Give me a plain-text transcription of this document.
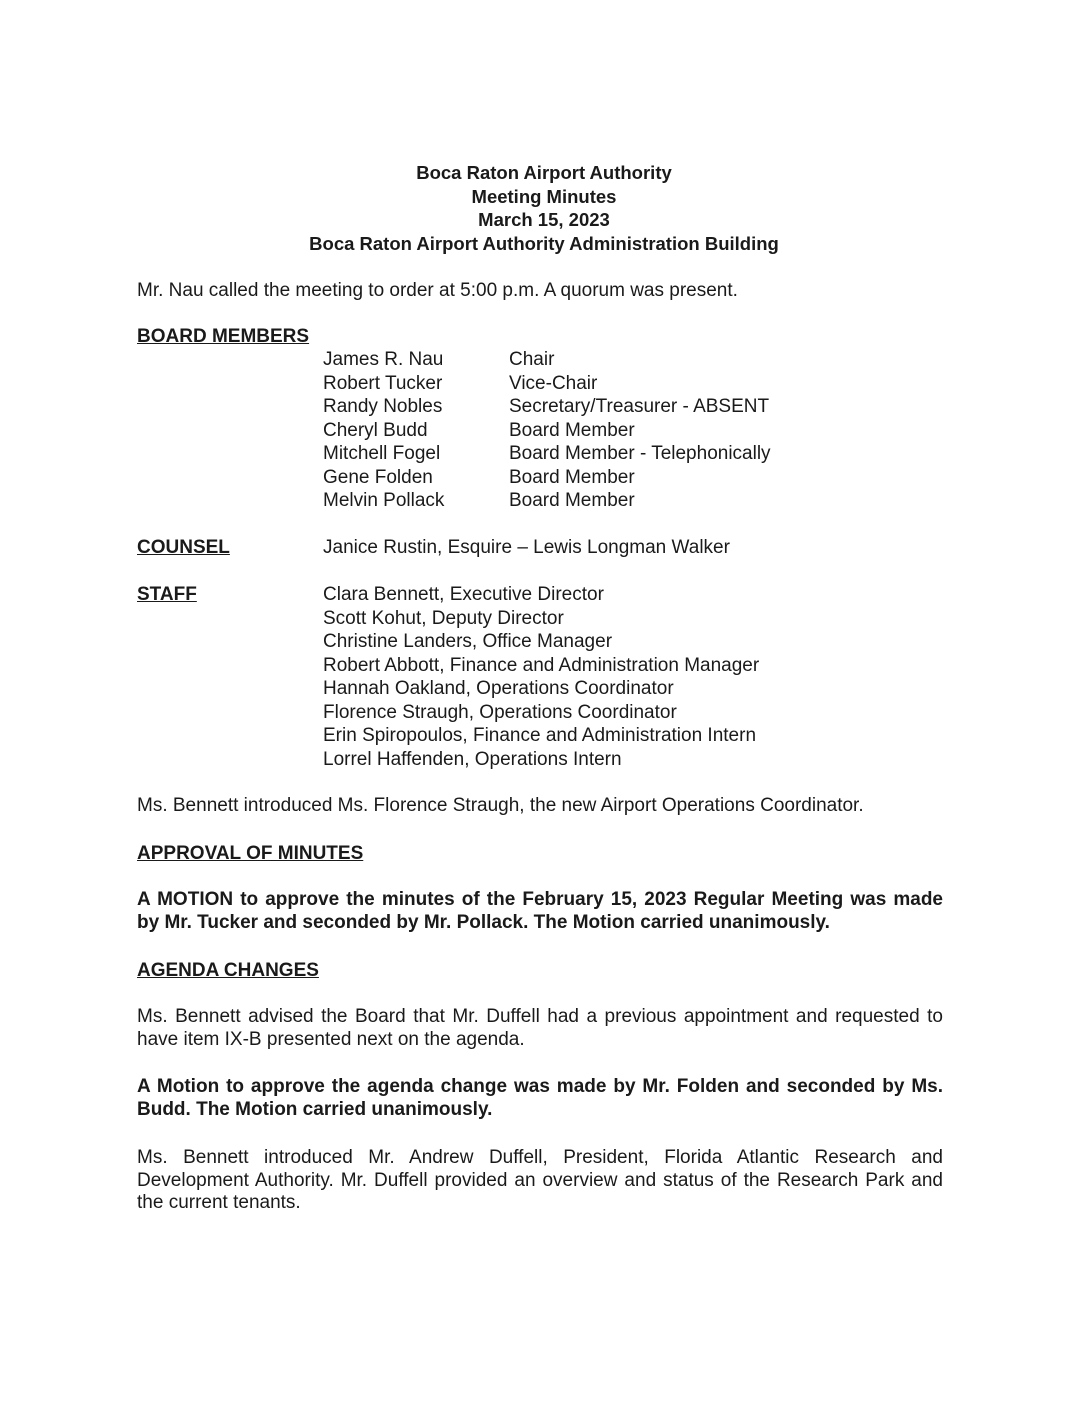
Boca Raton Airport Authority
Meeting Minutes
March 15, 2023
Boca Raton Airport Authority Administration Building
Mr. Nau called the meeting to order at 5:00 p.m. A quorum was present.
BOARD MEMBERS
James R. Nau	Chair
Robert Tucker	Vice-Chair
Randy Nobles	Secretary/Treasurer - ABSENT
Cheryl Budd	Board Member
Mitchell Fogel	Board Member - Telephonically
Gene Folden	Board Member
Melvin Pollack	Board Member
COUNSEL	Janice Rustin, Esquire – Lewis Longman Walker
STAFF	Clara Bennett, Executive Director
Scott Kohut, Deputy Director
Christine Landers, Office Manager
Robert Abbott, Finance and Administration Manager
Hannah Oakland, Operations Coordinator
Florence Straugh, Operations Coordinator
Erin Spiropoulos, Finance and Administration Intern
Lorrel Haffenden, Operations Intern
Ms. Bennett introduced Ms. Florence Straugh, the new Airport Operations Coordinator.
APPROVAL OF MINUTES
A MOTION to approve the minutes of the February 15, 2023 Regular Meeting was made by Mr. Tucker and seconded by Mr. Pollack. The Motion carried unanimously.
AGENDA CHANGES
Ms. Bennett advised the Board that Mr. Duffell had a previous appointment and requested to have item IX-B presented next on the agenda.
A Motion to approve the agenda change was made by Mr. Folden and seconded by Ms. Budd. The Motion carried unanimously.
Ms. Bennett introduced Mr. Andrew Duffell, President, Florida Atlantic Research and Development Authority. Mr. Duffell provided an overview and status of the Research Park and the current tenants.
